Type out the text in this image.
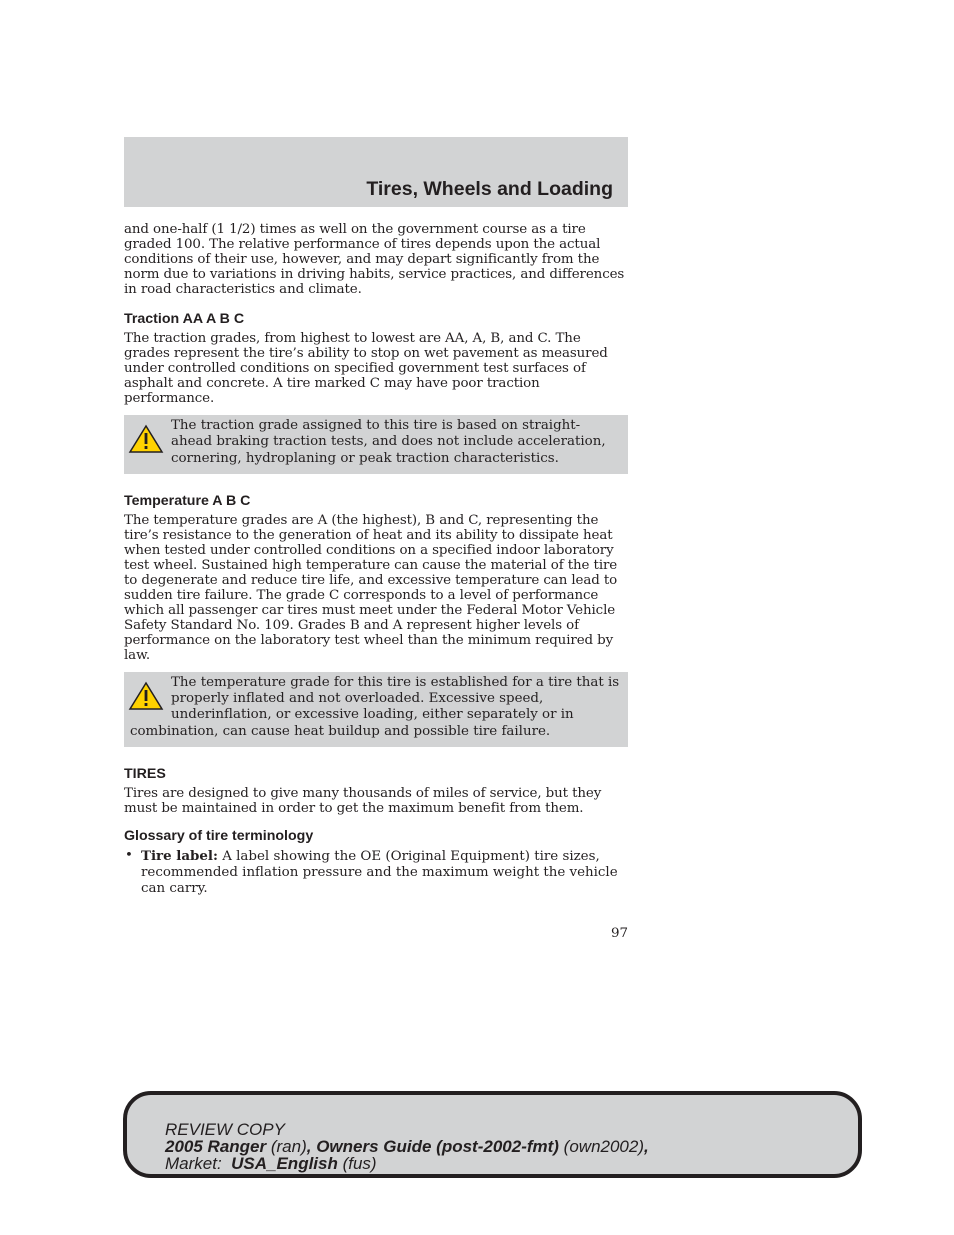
Tires, Wheels and Loading

and one-half (1 1/2) times as well on the government course as a tire graded 100. The relative performance of tires depends upon the actual conditions of their use, however, and may depart significantly from the norm due to variations in driving habits, service practices, and differences in road characteristics and climate.

Traction AA A B C

The traction grades, from highest to lowest are AA, A, B, and C. The grades represent the tire’s ability to stop on wet pavement as measured under controlled conditions on specified government test surfaces of asphalt and concrete. A tire marked C may have poor traction performance.

The traction grade assigned to this tire is based on straight-ahead braking traction tests, and does not include acceleration, cornering, hydroplaning or peak traction characteristics.
Temperature A B C

The temperature grades are A (the highest), B and C, representing the tire’s resistance to the generation of heat and its ability to dissipate heat when tested under controlled conditions on a specified indoor laboratory test wheel. Sustained high temperature can cause the material of the tire to degenerate and reduce tire life, and excessive temperature can lead to sudden tire failure. The grade C corresponds to a level of performance which all passenger car tires must meet under the Federal Motor Vehicle Safety Standard No. 109. Grades B and A represent higher levels of performance on the laboratory test wheel than the minimum required by law.

The temperature grade for this tire is established for a tire that is properly inflated and not overloaded. Excessive speed, underinflation, or excessive loading, either separately or in combination, can cause heat buildup and possible tire failure.
TIRES

Tires are designed to give many thousands of miles of service, but they must be maintained in order to get the maximum benefit from them.

Glossary of tire terminology
• Tire label: A label showing the OE (Original Equipment) tire sizes, recommended inflation pressure and the maximum weight the vehicle can carry.
97
REVIEW COPY
2005 Ranger (ran), Owners Guide (post-2002-fmt) (own2002),
Market:  USA_English (fus)
